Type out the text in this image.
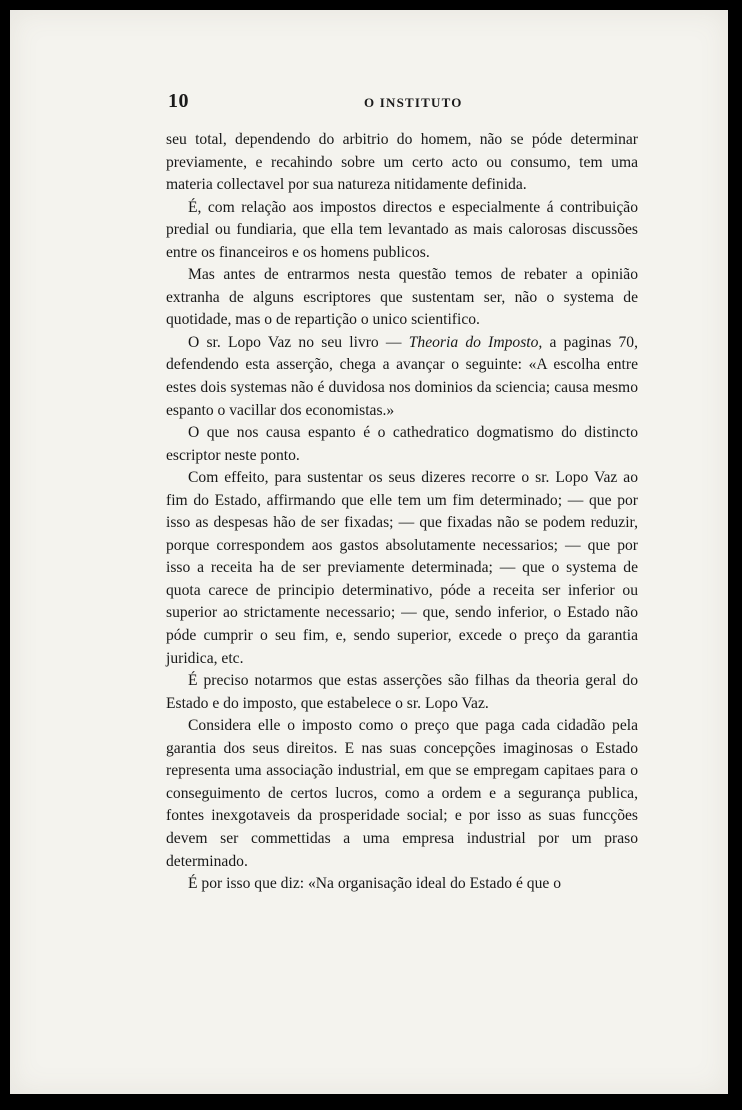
10	O INSTITUTO

seu total, dependendo do arbitrio do homem, não se póde determinar previamente, e recahindo sobre um certo acto ou consumo, tem uma materia collectavel por sua natureza nitidamente definida.

É, com relação aos impostos directos e especialmente á contribuição predial ou fundiaria, que ella tem levantado as mais calorosas discussões entre os financeiros e os homens publicos.

Mas antes de entrarmos nesta questão temos de rebater a opinião extranha de alguns escriptores que sustentam ser, não o systema de quotidade, mas o de repartição o unico scientifico.

O sr. Lopo Vaz no seu livro — Theoria do Imposto, a paginas 70, defendendo esta asserção, chega a avançar o seguinte: «A escolha entre estes dois systemas não é duvidosa nos dominios da sciencia; causa mesmo espanto o vacillar dos economistas.»

O que nos causa espanto é o cathedratico dogmatismo do distincto escriptor neste ponto.

Com effeito, para sustentar os seus dizeres recorre o sr. Lopo Vaz ao fim do Estado, affirmando que elle tem um fim determinado; — que por isso as despesas hão de ser fixadas; — que fixadas não se podem reduzir, porque correspondem aos gastos absolutamente necessarios; — que por isso a receita ha de ser previamente determinada; — que o systema de quota carece de principio determinativo, póde a receita ser inferior ou superior ao strictamente necessario; — que, sendo inferior, o Estado não póde cumprir o seu fim, e, sendo superior, excede o preço da garantia juridica, etc.

É preciso notarmos que estas asserções são filhas da theoria geral do Estado e do imposto, que estabelece o sr. Lopo Vaz.

Considera elle o imposto como o preço que paga cada cidadão pela garantia dos seus direitos. E nas suas concepções imaginosas o Estado representa uma associação industrial, em que se empregam capitaes para o conseguimento de certos lucros, como a ordem e a segurança publica, fontes inexgotaveis da prosperidade social; e por isso as suas funcções devem ser commettidas a uma empresa industrial por um praso determinado.

É por isso que diz: «Na organisação ideal do Estado é que o
